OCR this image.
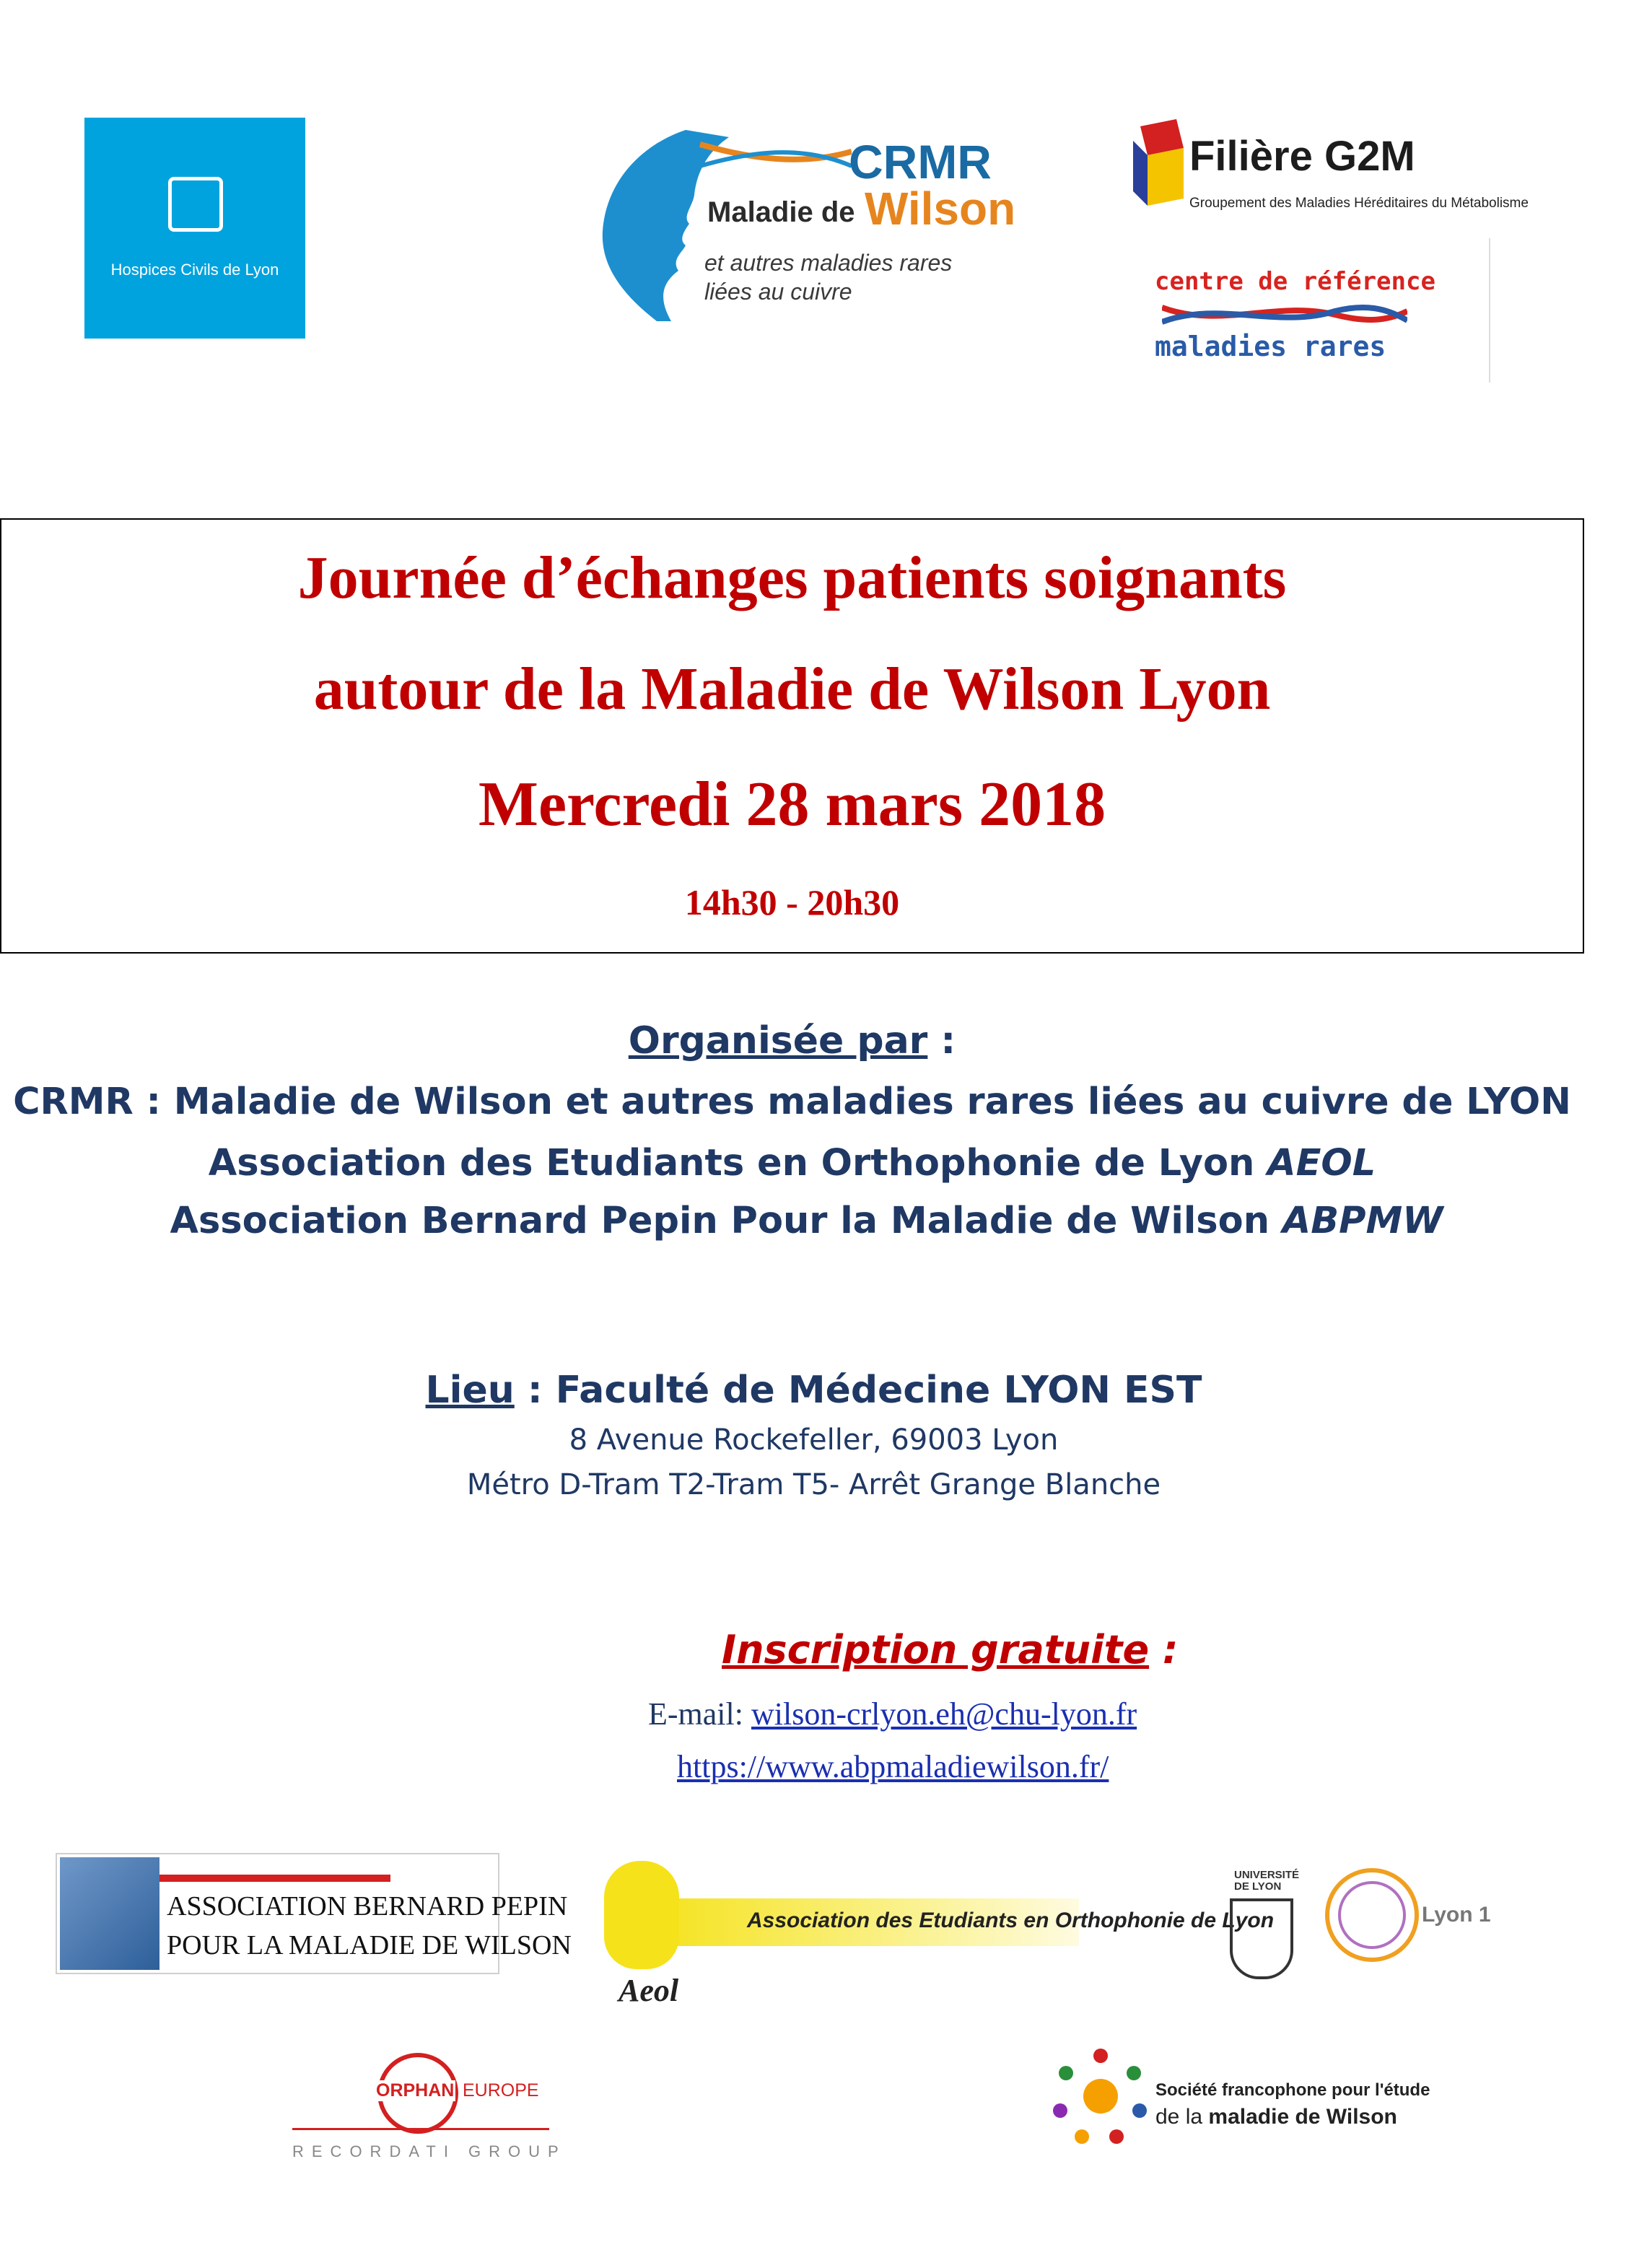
Hospices Civils de Lyon
CRMR
Maladie de Wilson
et autres maladies rares
liées au cuivre
Filière G2M
Groupement des Maladies Héréditaires du Métabolisme
centre de référence
maladies rares
Journée d’échanges patients soignants
autour de la Maladie de Wilson Lyon
Mercredi 28 mars 2018
14h30 - 20h30
Organisée par :
CRMR : Maladie de Wilson et autres maladies rares liées au cuivre de LYON
Association des Etudiants en Orthophonie de Lyon AEOL
Association Bernard Pepin Pour la Maladie de Wilson ABPMW
Lieu : Faculté de Médecine LYON EST
8 Avenue Rockefeller, 69003 Lyon
Métro D-Tram T2-Tram T5- Arrêt Grange Blanche
Inscription gratuite :
E-mail: wilson-crlyon.eh@chu-lyon.fr
https://www.abpmaladiewilson.fr/
ASSOCIATION BERNARD PEPIN
POUR LA MALADIE DE WILSON
Association des Etudiants en Orthophonie de Lyon
Aeol
UNIVERSITÉ DE LYON
Lyon 1
ORPHAN EUROPE
RECORDATI GROUP
Société francophone pour l'étude
de la maladie de Wilson
